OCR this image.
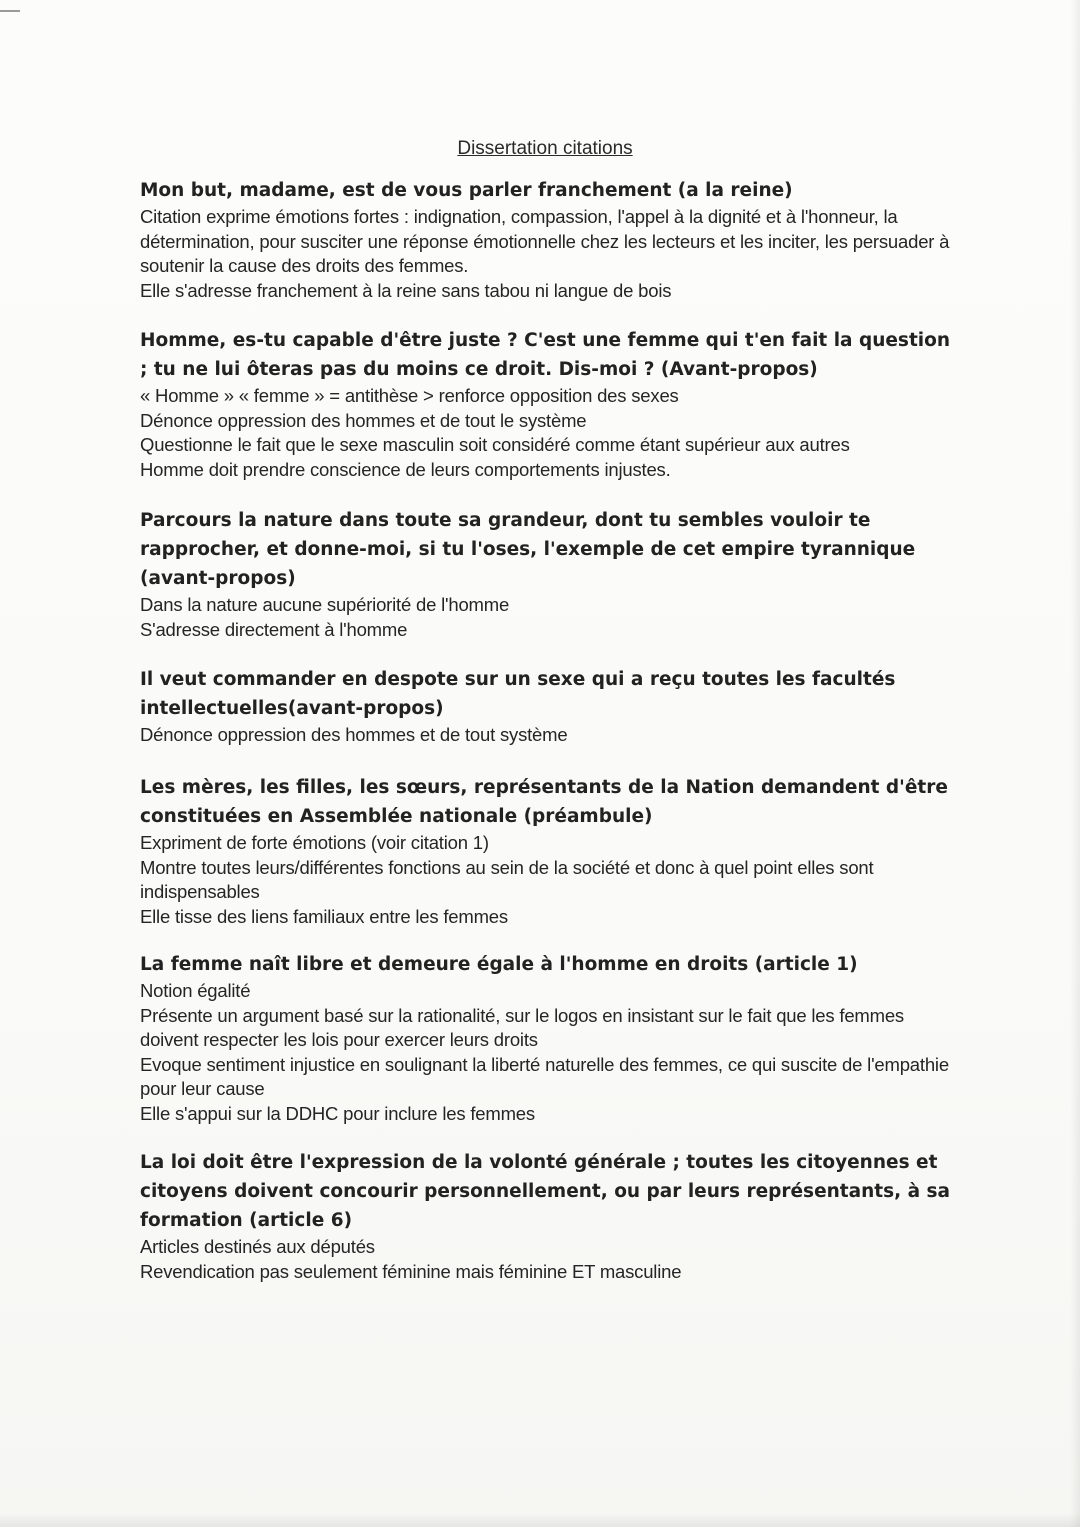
Dissertation citations

Mon but, madame, est de vous parler franchement (a la reine)

Citation exprime émotions fortes : indignation, compassion, l'appel à la dignité et à l'honneur, la détermination, pour susciter une réponse émotionnelle chez les lecteurs et les inciter, les persuader à soutenir la cause des droits des femmes.
Elle s'adresse franchement à la reine sans tabou ni langue de bois

Homme, es-tu capable d'être juste ? C'est une femme qui t'en fait la question ; tu ne lui ôteras pas du moins ce droit. Dis-moi ? (Avant-propos)

« Homme » « femme » = antithèse > renforce opposition des sexes
Dénonce oppression des hommes et de tout le système
Questionne le fait que le sexe masculin soit considéré comme étant supérieur aux autres
Homme doit prendre conscience de leurs comportements injustes.

Parcours la nature dans toute sa grandeur, dont tu sembles vouloir te rapprocher, et donne-moi, si tu l'oses, l'exemple de cet empire tyrannique (avant-propos)

Dans la nature aucune supériorité de l'homme
S'adresse directement à l'homme

Il veut commander en despote sur un sexe qui a reçu toutes les facultés intellectuelles(avant-propos)

Dénonce oppression des hommes et de tout système

Les mères, les filles, les sœurs, représentants de la Nation demandent d'être constituées en Assemblée nationale (préambule)

Expriment de forte émotions (voir citation 1)
Montre toutes leurs/différentes fonctions au sein de la société et donc à quel point elles sont indispensables
Elle tisse des liens familiaux entre les femmes

La femme naît libre et demeure égale à l'homme en droits (article 1)

Notion égalité
Présente un argument basé sur la rationalité, sur le logos en insistant sur le fait que les femmes doivent respecter les lois pour exercer leurs droits
Evoque sentiment injustice en soulignant la liberté naturelle des femmes, ce qui suscite de l'empathie pour leur cause
Elle s'appui sur la DDHC pour inclure les femmes

La loi doit être l'expression de la volonté générale ; toutes les citoyennes et citoyens doivent concourir personnellement, ou par leurs représentants, à sa formation (article 6)

Articles destinés aux députés
Revendication pas seulement féminine mais féminine ET masculine
